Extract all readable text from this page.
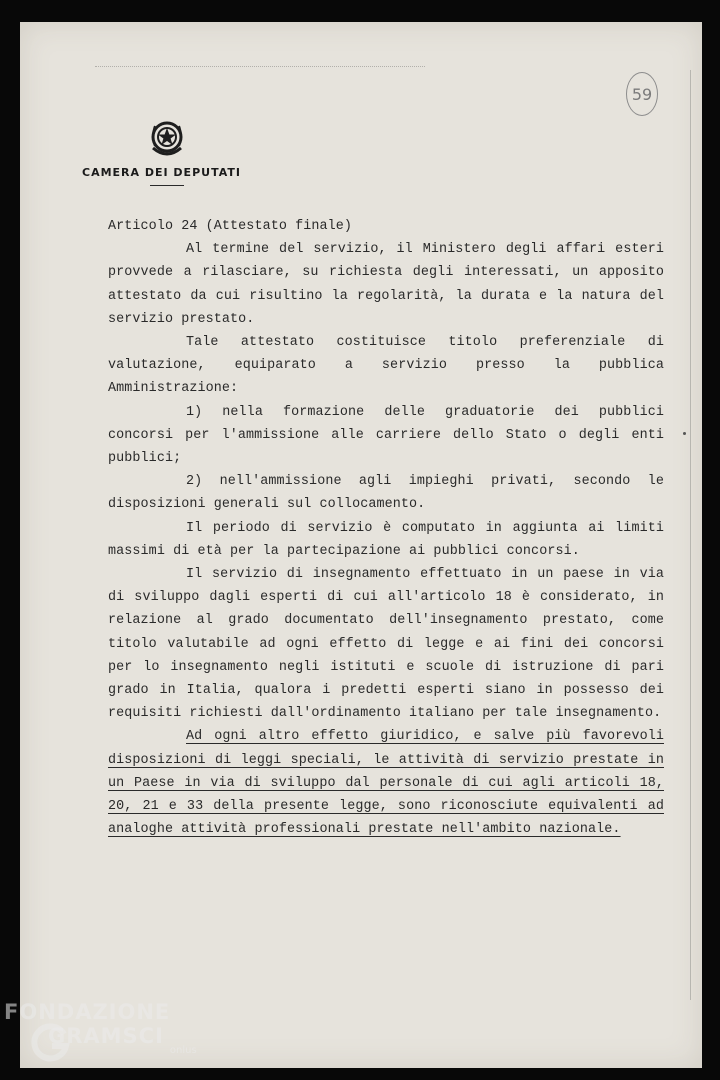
59
CAMERA DEI DEPUTATI

Articolo 24 (Attestato finale)

Al termine del servizio, il Ministero degli affari esteri provvede a rilasciare, su richiesta degli interessati, un apposito attestato da cui risultino la regolarità, la durata e la natura del servizio prestato.

Tale attestato costituisce titolo preferenziale di valutazione, equiparato a servizio presso la pubblica Amministrazione:

1) nella formazione delle graduatorie dei pubblici concorsi per l'ammissione alle carriere dello Stato o degli enti pubblici;

2) nell'ammissione agli impieghi privati, secondo le disposizioni generali sul collocamento.

Il periodo di servizio è computato in aggiunta ai limiti massimi di età per la partecipazione ai pubblici concorsi.

Il servizio di insegnamento effettuato in un paese in via di sviluppo dagli esperti di cui all'articolo 18 è considerato, in relazione al grado documentato dell'insegnamento prestato, come titolo valutabile ad ogni effetto di legge e ai fini dei concorsi per lo insegnamento negli istituti e scuole di istruzione di pari grado in Italia, qualora i predetti esperti siano in possesso dei requisiti richiesti dall'ordinamento italiano per tale insegnamento.

Ad ogni altro effetto giuridico, e salve più favorevoli disposizioni di leggi speciali, le attività di servizio prestate in un Paese in via di sviluppo dal personale di cui agli articoli 18, 20, 21 e 33 della presente legge, sono riconosciute equivalenti ad analoghe attività professionali prestate nell'ambito nazionale.

FONDAZIONE
$GRAMSCI_{onlus}$
